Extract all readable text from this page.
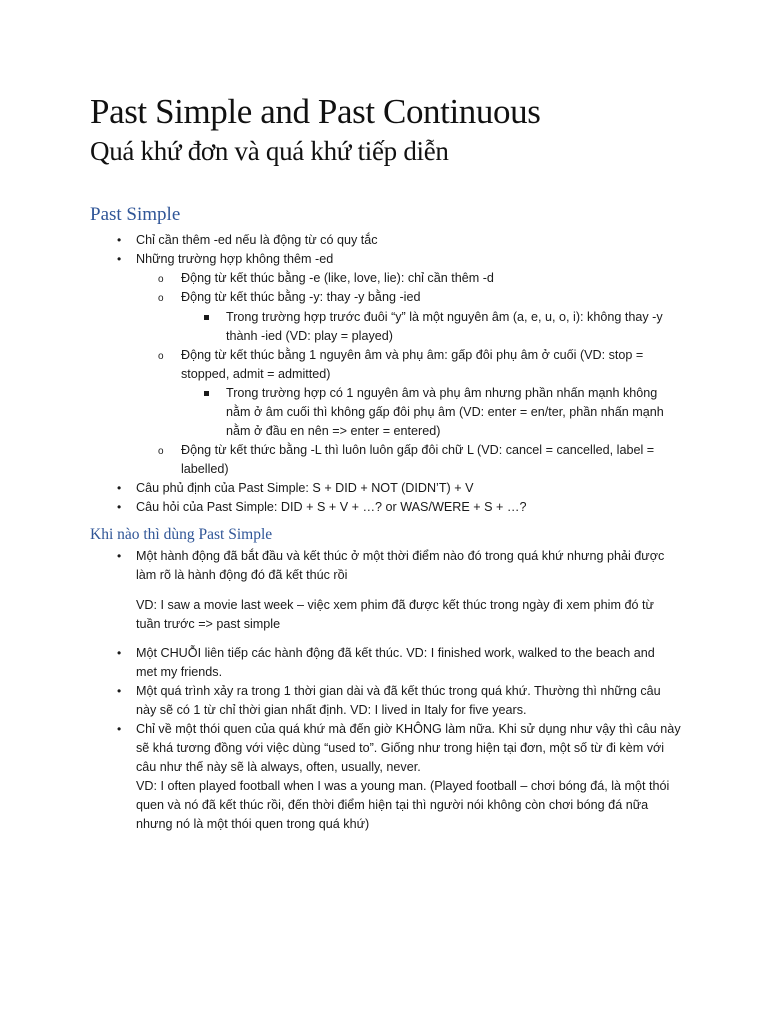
Past Simple and Past Continuous
Quá khứ đơn và quá khứ tiếp diễn
Past Simple
•

Chỉ cần thêm -ed nếu là động từ có quy tắc

•

Những trường hợp không thêm -ed

o

Động từ kết thúc bằng -e (like, love, lie): chỉ cần thêm -d

o

Động từ kết thúc bằng -y: thay -y bằng -ied

Trong trường hợp trước đuôi “y” là một nguyên âm (a, e, u, o, i): không thay -y

thành -ied (VD: play = played)

o

Động từ kết thúc bằng 1 nguyên âm và phụ âm: gấp đôi phụ âm ở cuối (VD: stop =

stopped, admit = admitted)

Trong trường hợp có 1 nguyên âm và phụ âm nhưng phần nhấn mạnh không

nằm ở âm cuối thì không gấp đôi phụ âm (VD: enter = en/ter, phần nhấn mạnh

nằm ở đầu en nên => enter = entered)

o

Động từ kết thức bằng -L thì luôn luôn gấp đôi chữ L (VD: cancel = cancelled, label =

labelled)

•

Câu phủ định của Past Simple: S + DID + NOT (DIDN’T) + V

•

Câu hỏi của Past Simple: DID + S + V + …? or WAS/WERE + S + …?

Khi nào thì dùng Past Simple
•

Một hành động đã bắt đầu và kết thúc ở một thời điểm nào đó trong quá khứ nhưng phải được

làm rõ là hành động đó đã kết thúc rồi

VD: I saw a movie last week – việc xem phim đã được kết thúc trong ngày đi xem phim đó từ

tuần trước => past simple

•

Một CHUỖI liên tiếp các hành động đã kết thúc. VD: I finished work, walked to the beach and

met my friends.

•

Một quá trình xảy ra trong 1 thời gian dài và đã kết thúc trong quá khứ. Thường thì những câu

này sẽ có 1 từ chỉ thời gian nhất định. VD: I lived in Italy for five years.

•

Chỉ về một thói quen của quá khứ mà đến giờ KHÔNG làm nữa. Khi sử dụng như vậy thì câu này

sẽ khá tương đồng với việc dùng “used to”. Giống như trong hiện tại đơn, một số từ đi kèm với

câu như thế này sẽ là always, often, usually, never.

VD: I often played football when I was a young man. (Played football – chơi bóng đá, là một thói

quen và nó đã kết thúc rồi, đến thời điểm hiện tại thì người nói không còn chơi bóng đá nữa

nhưng nó là một thói quen trong quá khứ)
